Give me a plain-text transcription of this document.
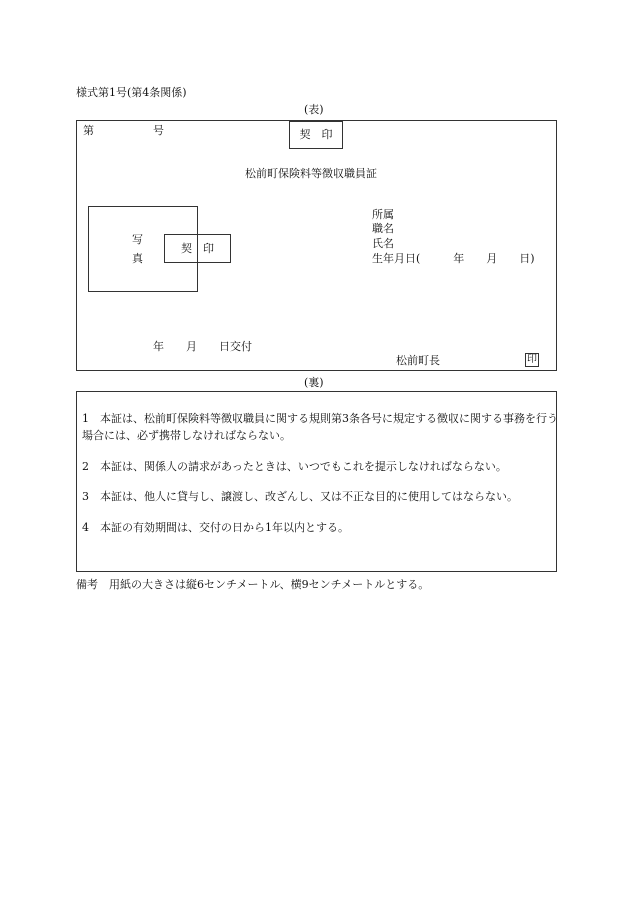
様式第1号(第4条関係)
(表)
第	号	契　印
松前町保険料等徴収職員証
写
真
契　印
所属
職名
氏名
生年月日(　　　年　　月　　日)
年　　月　　日交付
松前町長	印
(裏)
1　本証は、松前町保険料等徴収職員に関する規則第3条各号に規定する徴収に関する事務を行う場合には、必ず携帯しなければならない。
2　本証は、関係人の請求があったときは、いつでもこれを提示しなければならない。
3　本証は、他人に貸与し、譲渡し、改ざんし、又は不正な目的に使用してはならない。
4　本証の有効期間は、交付の日から1年以内とする。
備考　用紙の大きさは縦6センチメートル、横9センチメートルとする。
